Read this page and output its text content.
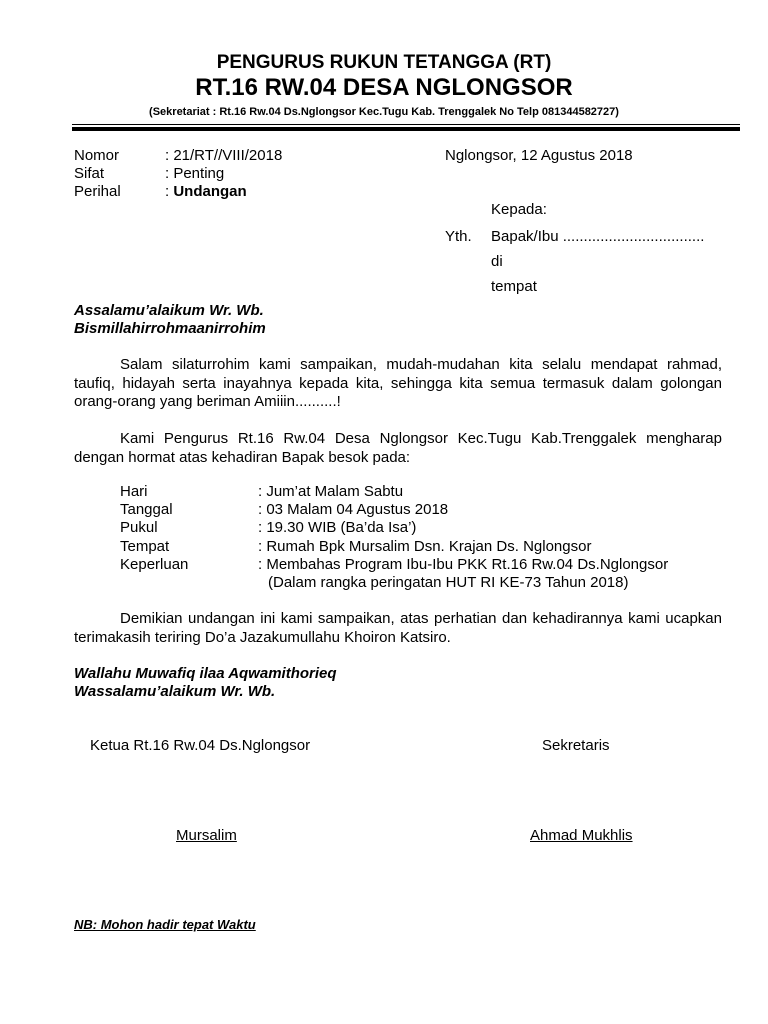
PENGURUS RUKUN TETANGGA (RT)
RT.16 RW.04 DESA NGLONGSOR
(Sekretariat : Rt.16 Rw.04 Ds.Nglongsor Kec.Tugu Kab. Trenggalek No Telp 081344582727)
Nomor	: 21/RT//VIII/2018
Sifat	: Penting
Perihal	: Undangan
Nglongsor, 12 Agustus 2018
Kepada:
Yth. Bapak/Ibu ..................................
di
tempat
Assalamu’alaikum Wr. Wb.
Bismillahirrohmaanirrohim
Salam silaturrohim kami sampaikan, mudah-mudahan kita selalu mendapat rahmad, taufiq, hidayah serta inayahnya kepada kita, sehingga kita semua termasuk dalam golongan orang-orang yang beriman Amiiin..........!
Kami Pengurus Rt.16 Rw.04 Desa Nglongsor Kec.Tugu Kab.Trenggalek mengharap dengan hormat atas kehadiran Bapak besok pada:
Hari	: Jum’at Malam Sabtu
Tanggal	: 03 Malam 04 Agustus 2018
Pukul	: 19.30 WIB (Ba’da Isa’)
Tempat	: Rumah Bpk Mursalim Dsn. Krajan Ds. Nglongsor
Keperluan	: Membahas Program Ibu-Ibu PKK Rt.16 Rw.04 Ds.Nglongsor
(Dalam rangka peringatan HUT RI KE-73 Tahun 2018)
Demikian undangan ini kami sampaikan, atas perhatian dan kehadirannya kami ucapkan terimakasih teriring Do’a Jazakumullahu Khoiron Katsiro.
Wallahu Muwafiq ilaa Aqwamithorieq
Wassalamu’alaikum Wr. Wb.
Ketua Rt.16 Rw.04 Ds.Nglongsor	Sekretaris
Mursalim	Ahmad Mukhlis
NB: Mohon hadir tepat Waktu
